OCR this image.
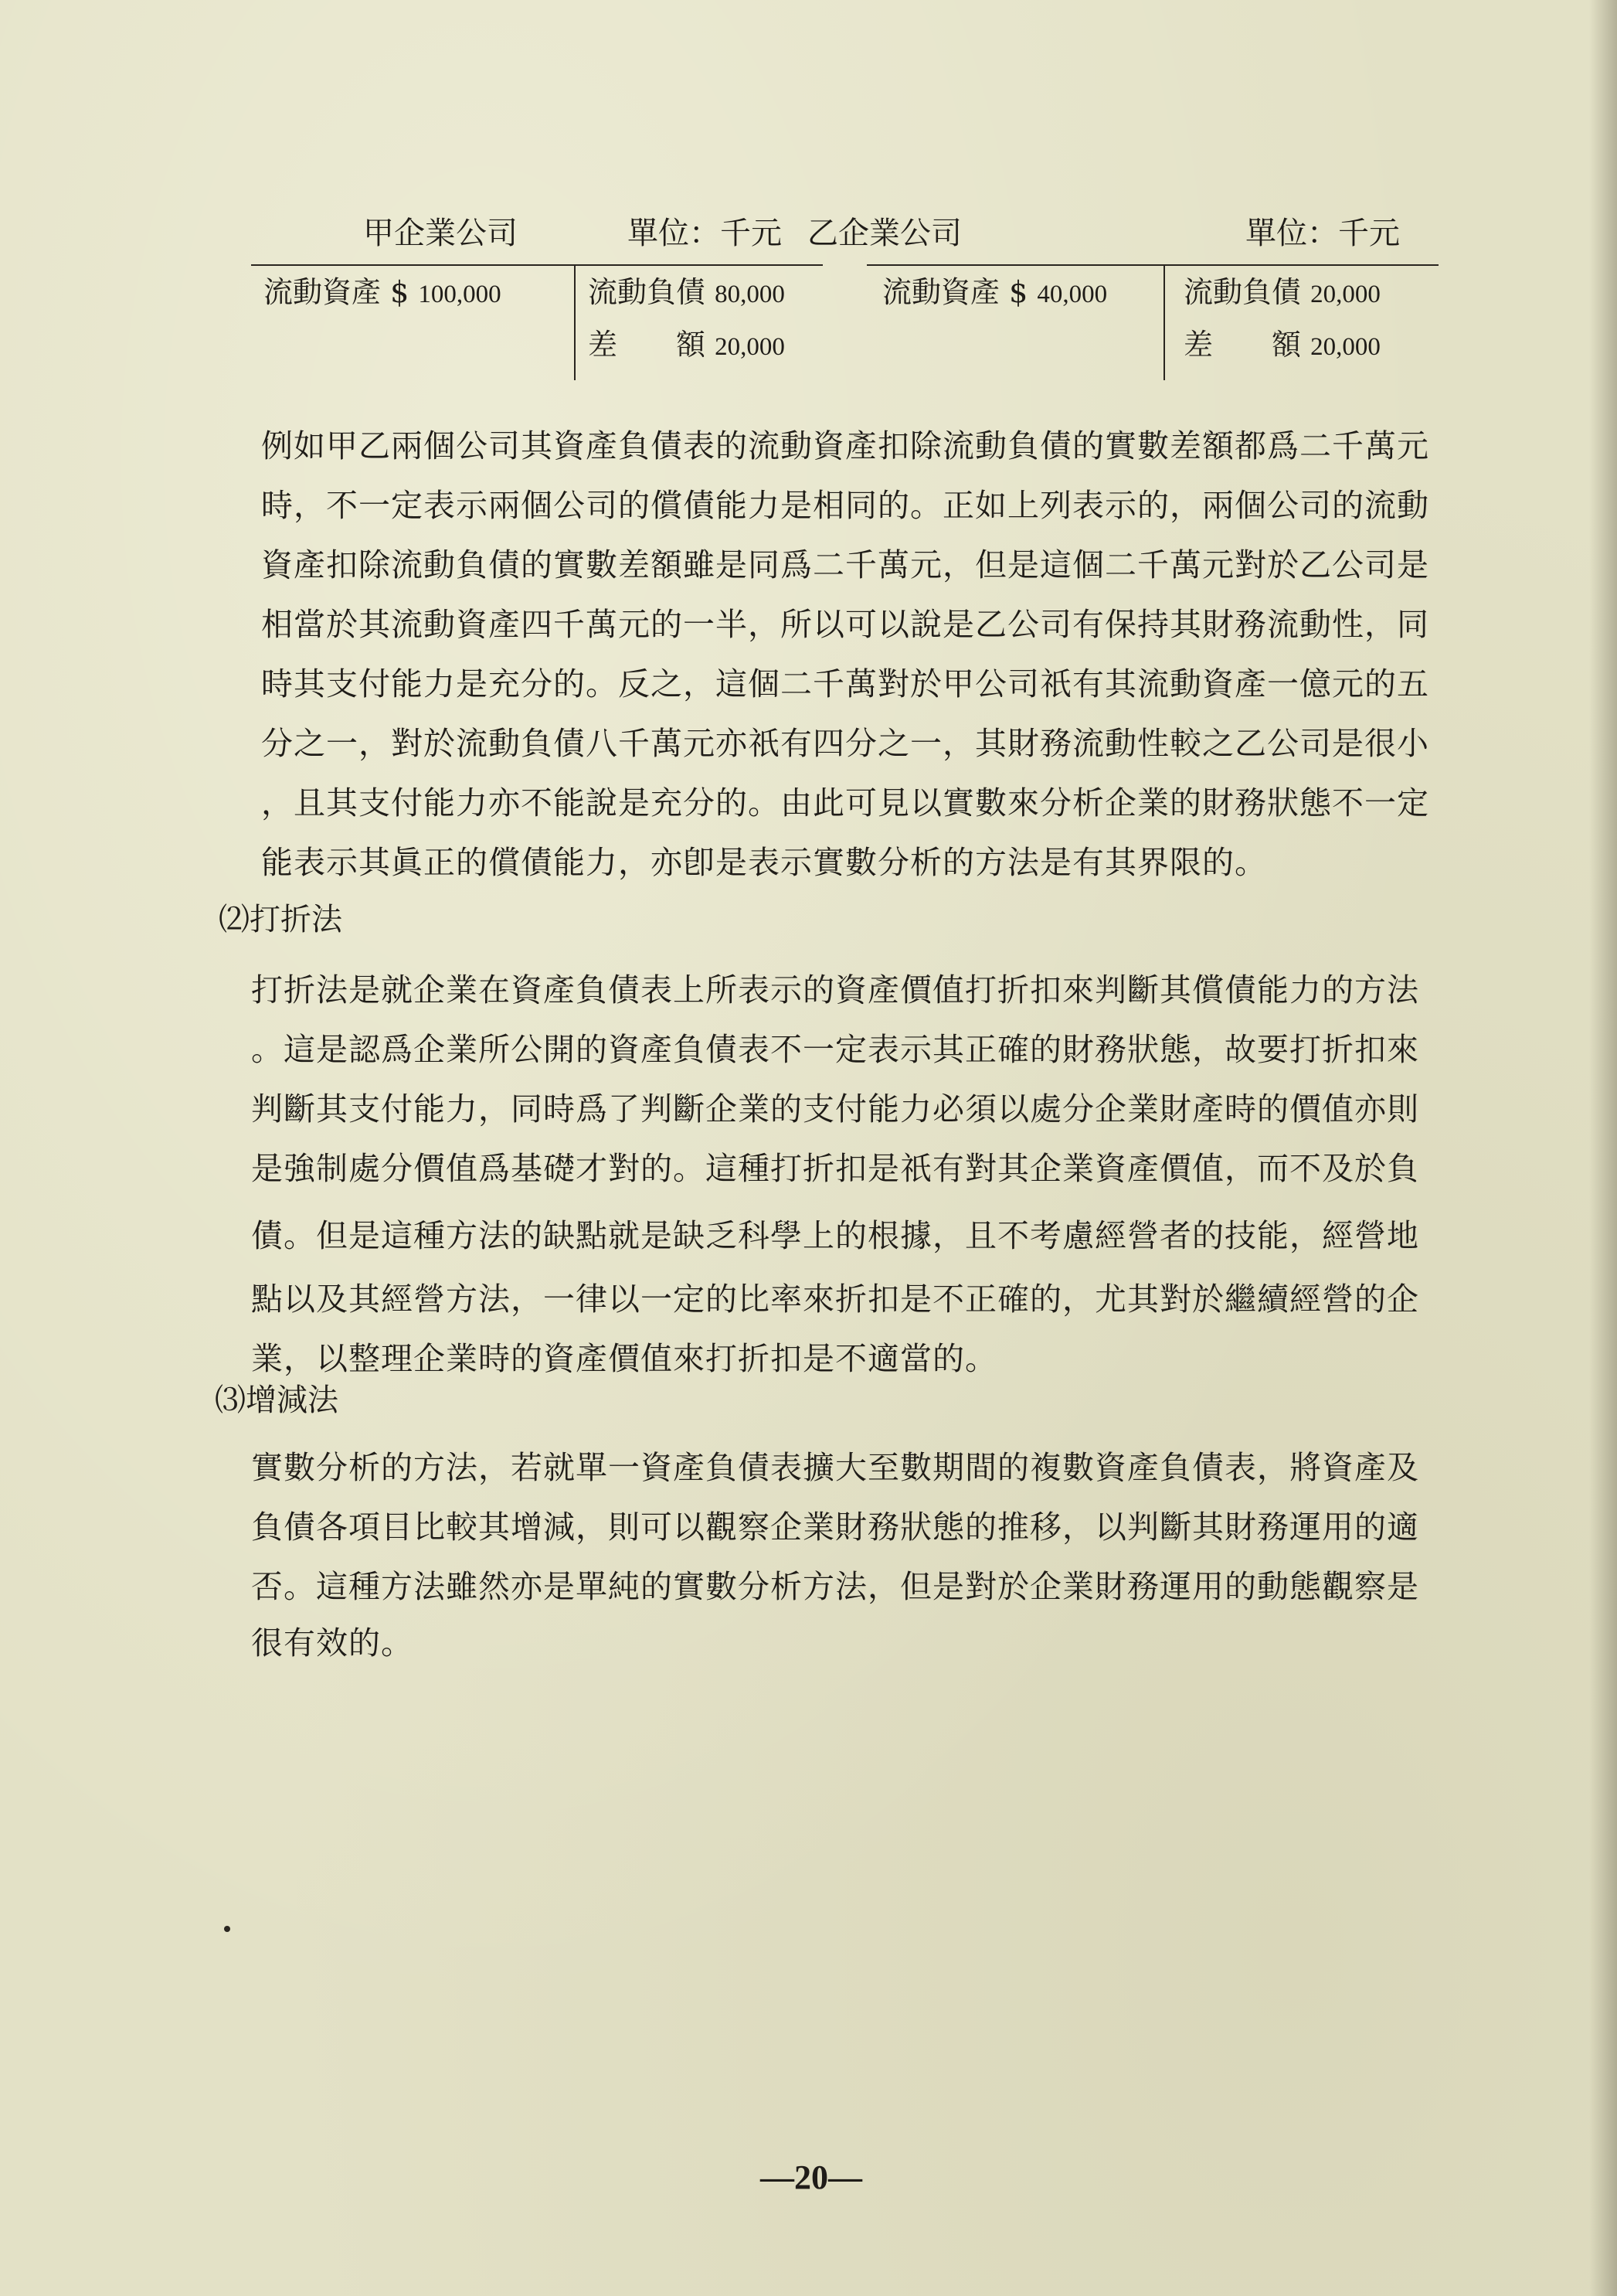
甲企業公司	單位：千元
流動資產 $ 100,000	流動負債 80,000
差　　額 20,000
乙企業公司	單位：千元
流動資產 $ 40,000	流動負債 20,000
差　　額 20,000
例如甲乙兩個公司其資產負債表的流動資產扣除流動負債的實數差額都爲二千萬元
時，不一定表示兩個公司的償債能力是相同的。正如上列表示的，兩個公司的流動
資產扣除流動負債的實數差額雖是同爲二千萬元，但是這個二千萬元對於乙公司是
相當於其流動資產四千萬元的一半，所以可以說是乙公司有保持其財務流動性，同
時其支付能力是充分的。反之，這個二千萬對於甲公司祇有其流動資產一億元的五
分之一，對於流動負債八千萬元亦祇有四分之一，其財務流動性較之乙公司是很小
，且其支付能力亦不能說是充分的。由此可見以實數來分析企業的財務狀態不一定
能表示其眞正的償債能力，亦卽是表示實數分析的方法是有其界限的。
⑵打折法
打折法是就企業在資產負債表上所表示的資產價值打折扣來判斷其償債能力的方法
。這是認爲企業所公開的資產負債表不一定表示其正確的財務狀態，故要打折扣來
判斷其支付能力，同時爲了判斷企業的支付能力必須以處分企業財產時的價值亦則
是強制處分價值爲基礎才對的。這種打折扣是祇有對其企業資產價值，而不及於負
債。但是這種方法的缺點就是缺乏科學上的根據，且不考慮經營者的技能，經營地
點以及其經營方法，一律以一定的比率來折扣是不正確的，尤其對於繼續經營的企
業，以整理企業時的資產價值來打折扣是不適當的。
⑶增減法
實數分析的方法，若就單一資產負債表擴大至數期間的複數資產負債表，將資產及
負債各項目比較其增減，則可以觀察企業財務狀態的推移，以判斷其財務運用的適
否。這種方法雖然亦是單純的實數分析方法，但是對於企業財務運用的動態觀察是
很有效的。
—20—
